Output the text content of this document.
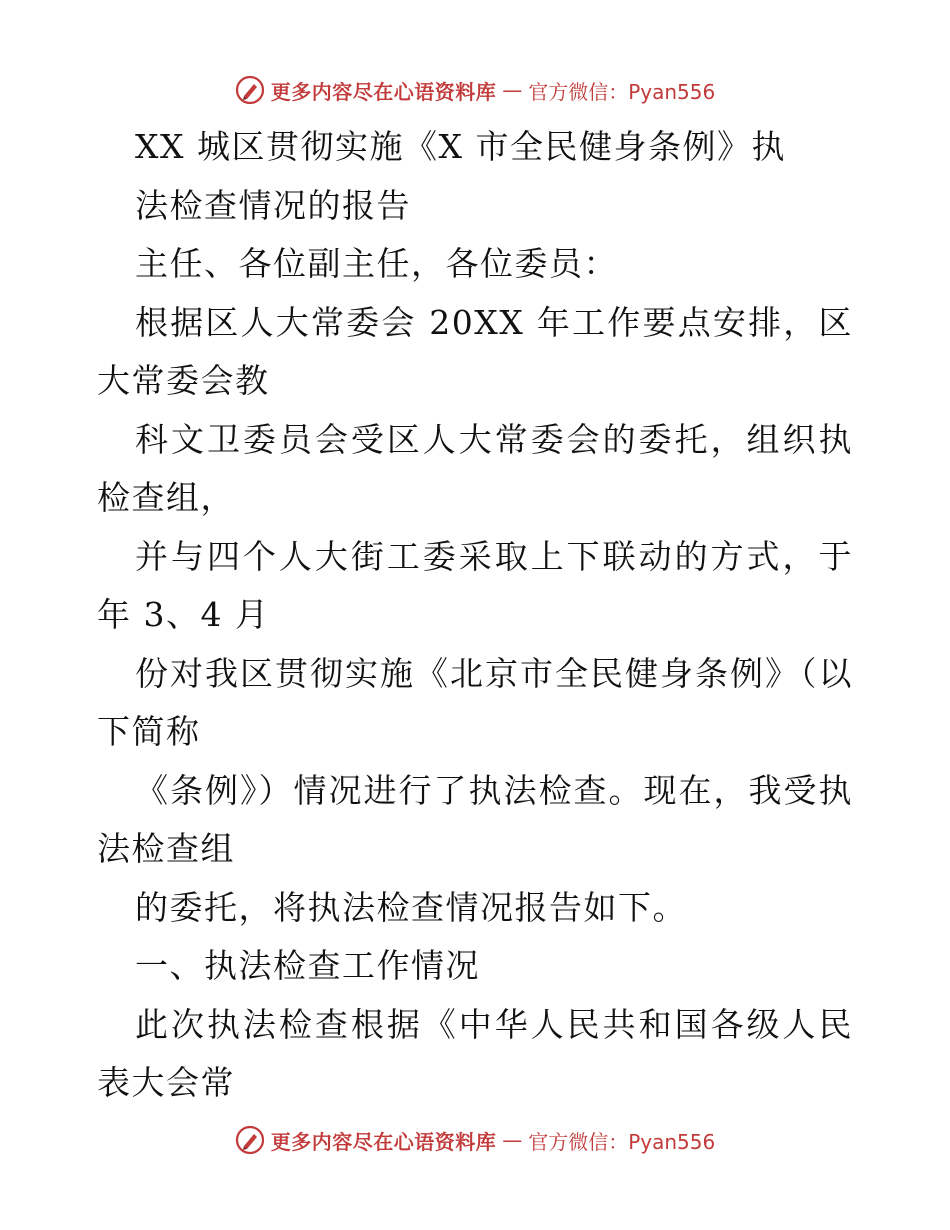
更多内容尽在心语资料库 — 官方微信：Pyan556
XX 城区贯彻实施《X 市全民健身条例》执
法检查情况的报告
主任、各位副主任，各位委员：
根据区人大常委会 20XX 年工作要点安排，区
大常委会教
科文卫委员会受区人大常委会的委托，组织执
检查组，
并与四个人大街工委采取上下联动的方式，于
年 3、4 月
份对我区贯彻实施《北京市全民健身条例》（以
下简称
《条例》）情况进行了执法检查。现在，我受执
法检查组
的委托，将执法检查情况报告如下。
一、执法检查工作情况
此次执法检查根据《中华人民共和国各级人民
表大会常
更多内容尽在心语资料库 — 官方微信：Pyan556
